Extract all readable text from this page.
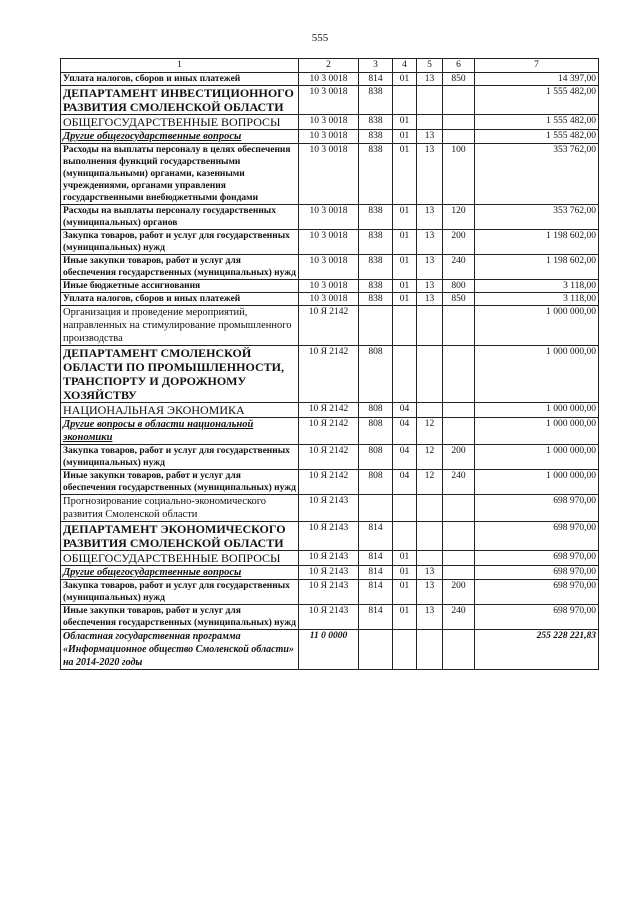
555
1	2	3	4	5	6	7
Уплата налогов, сборов и иных платежей	10 3 0018	814	01	13	850	14 397,00
ДЕПАРТАМЕНТ ИНВЕСТИЦИОННОГО РАЗВИТИЯ СМОЛЕНСКОЙ ОБЛАСТИ	10 3 0018	838				1 555 482,00
ОБЩЕГОСУДАРСТВЕННЫЕ ВОПРОСЫ	10 3 0018	838	01			1 555 482,00
Другие общегосударственные вопросы	10 3 0018	838	01	13		1 555 482,00
Расходы на выплаты персоналу в целях обеспечения выполнения функций государственными (муниципальными) органами, казенными учреждениями, органами управления государственными внебюджетными фондами	10 3 0018	838	01	13	100	353 762,00
Расходы на выплаты персоналу государственных (муниципальных) органов	10 3 0018	838	01	13	120	353 762,00
Закупка товаров, работ и услуг для государственных (муниципальных) нужд	10 3 0018	838	01	13	200	1 198 602,00
Иные закупки товаров, работ и услуг для обеспечения государственных (муниципальных) нужд	10 3 0018	838	01	13	240	1 198 602,00
Иные бюджетные ассигнования	10 3 0018	838	01	13	800	3 118,00
Уплата налогов, сборов и иных платежей	10 3 0018	838	01	13	850	3 118,00
Организация и проведение мероприятий, направленных на стимулирование промышленного производства	10 Я 2142					1 000 000,00
ДЕПАРТАМЕНТ СМОЛЕНСКОЙ ОБЛАСТИ ПО ПРОМЫШЛЕННОСТИ, ТРАНСПОРТУ И ДОРОЖНОМУ ХОЗЯЙСТВУ	10 Я 2142	808				1 000 000,00
НАЦИОНАЛЬНАЯ ЭКОНОМИКА	10 Я 2142	808	04			1 000 000,00
Другие вопросы в области национальной экономики	10 Я 2142	808	04	12		1 000 000,00
Закупка товаров, работ и услуг для государственных (муниципальных) нужд	10 Я 2142	808	04	12	200	1 000 000,00
Иные закупки товаров, работ и услуг для обеспечения государственных (муниципальных) нужд	10 Я 2142	808	04	12	240	1 000 000,00
Прогнозирование социально-экономического развития Смоленской области	10 Я 2143					698 970,00
ДЕПАРТАМЕНТ ЭКОНОМИЧЕСКОГО РАЗВИТИЯ СМОЛЕНСКОЙ ОБЛАСТИ	10 Я 2143	814				698 970,00
ОБЩЕГОСУДАРСТВЕННЫЕ ВОПРОСЫ	10 Я 2143	814	01			698 970,00
Другие общегосударственные вопросы	10 Я 2143	814	01	13		698 970,00
Закупка товаров, работ и услуг для государственных (муниципальных) нужд	10 Я 2143	814	01	13	200	698 970,00
Иные закупки товаров, работ и услуг для обеспечения государственных (муниципальных) нужд	10 Я 2143	814	01	13	240	698 970,00
Областная государственная программа «Информационное общество Смоленской области» на 2014-2020 годы	11 0 0000					255 228 221,83
